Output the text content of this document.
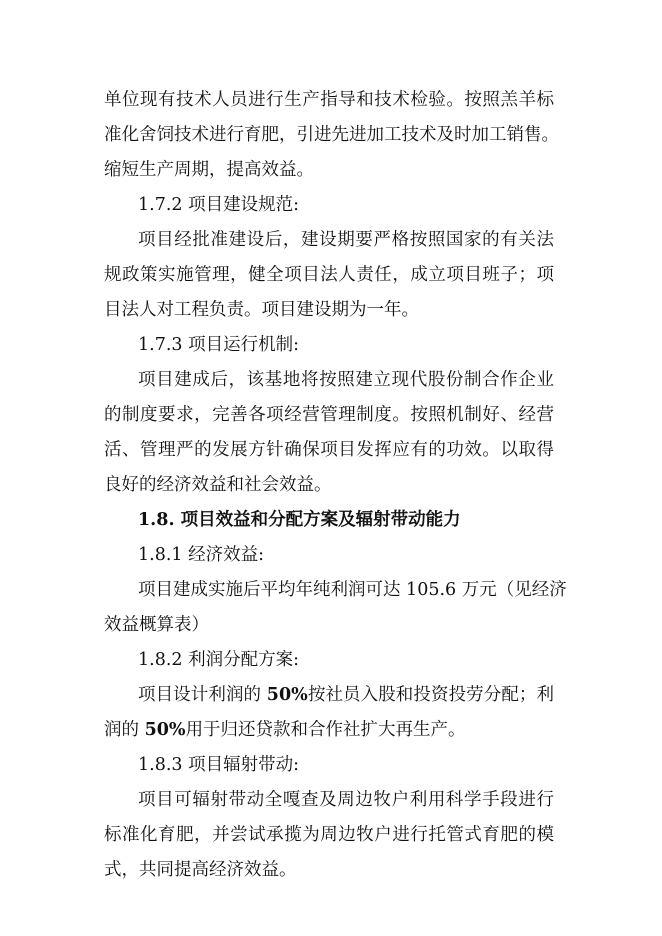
单位现有技术人员进行生产指导和技术检验。按照羔羊标
准化舍饲技术进行育肥，引进先进加工技术及时加工销售。
缩短生产周期，提高效益。
1.7.2 项目建设规范:
项目经批准建设后，建设期要严格按照国家的有关法
规政策实施管理，健全项目法人责任，成立项目班子；项
目法人对工程负责。项目建设期为一年。
1.7.3 项目运行机制:
项目建成后，该基地将按照建立现代股份制合作企业
的制度要求，完善各项经营管理制度。按照机制好、经营
活、管理严的发展方针确保项目发挥应有的功效。以取得
良好的经济效益和社会效益。
1.8. 项目效益和分配方案及辐射带动能力
1.8.1 经济效益:
项目建成实施后平均年纯利润可达 105.6 万元（见经济
效益概算表）
1.8.2 利润分配方案:
项目设计利润的 50%按社员入股和投资投劳分配；利
润的 50%用于归还贷款和合作社扩大再生产。
1.8.3 项目辐射带动:
项目可辐射带动全嘎查及周边牧户利用科学手段进行
标准化育肥，并尝试承揽为周边牧户进行托管式育肥的模
式，共同提高经济效益。
